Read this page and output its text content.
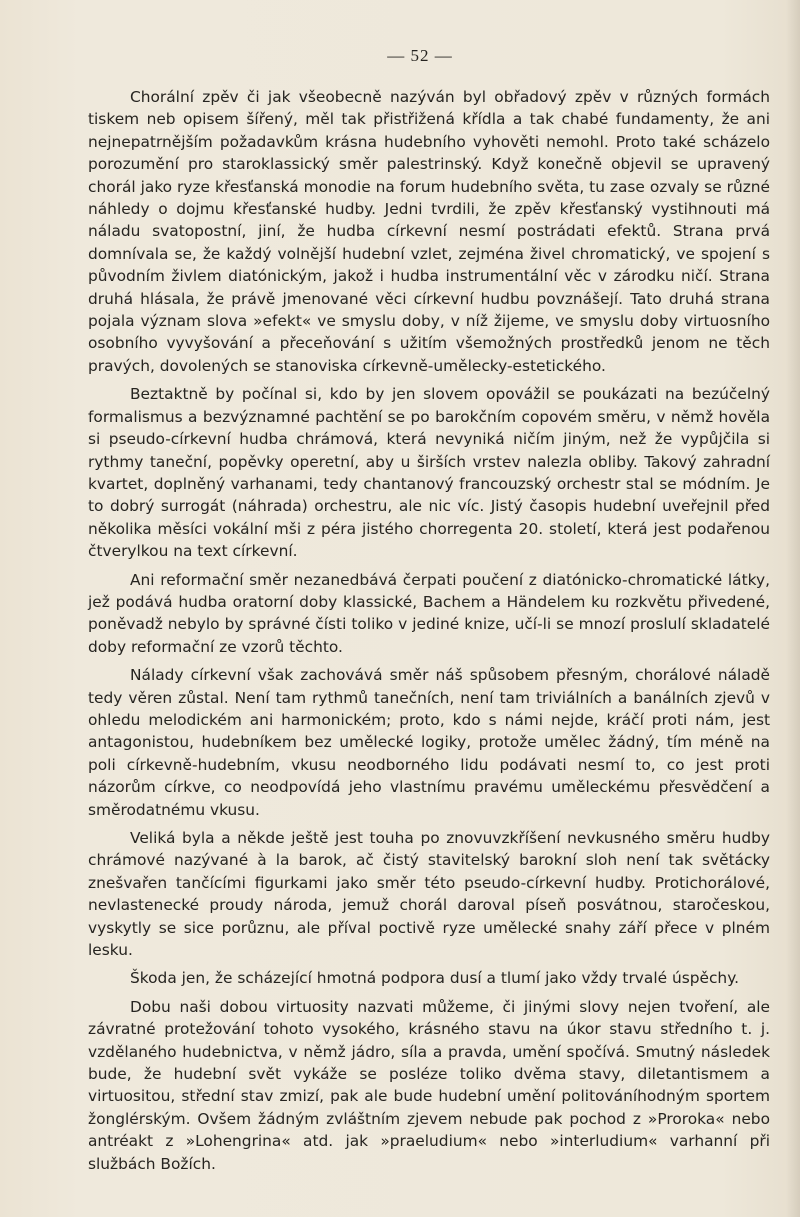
— 52 —

Chorální zpěv či jak všeobecně nazýván byl obřadový zpěv v různých formách tiskem neb opisem šířený, měl tak přistřižená křídla a tak chabé fundamenty, že ani nejnepatrnějším požadavkům krásna hudebního vyhověti nemohl. Proto také scházelo porozumění pro staroklassický směr palestrinský. Když konečně objevil se upravený chorál jako ryze křesťanská monodie na forum hudebního světa, tu zase ozvaly se různé náhledy o dojmu křesťanské hudby. Jedni tvrdili, že zpěv křesťanský vystihnouti má náladu svatopostní, jiní, že hudba církevní nesmí postrádati efektů. Strana prvá domnívala se, že každý volnější hudební vzlet, zejména živel chromatický, ve spojení s původním živlem diatónickým, jakož i hudba instrumentální věc v zárodku ničí. Strana druhá hlásala, že právě jmenované věci církevní hudbu povznášejí. Tato druhá strana pojala význam slova »efekt« ve smyslu doby, v níž žijeme, ve smyslu doby virtuosního osobního vyvyšování a přeceňování s užitím všemožných prostředků jenom ne těch pravých, dovolených se stanoviska církevně-umělecky-estetického.

Beztaktně by počínal si, kdo by jen slovem opovážil se poukázati na bezúčelný formalismus a bezvýznamné pachtění se po barokčním copovém směru, v němž hověla si pseudo-církevní hudba chrámová, která nevyniká ničím jiným, než že vypůjčila si rythmy taneční, popěvky operetní, aby u širších vrstev nalezla obliby. Takový zahradní kvartet, doplněný varhanami, tedy chantanový francouzský orchestr stal se módním. Je to dobrý surrogát (náhrada) orchestru, ale nic víc. Jistý časopis hudební uveřejnil před několika měsíci vokální mši z péra jistého chorregenta 20. století, která jest podařenou čtverylkou na text církevní.

Ani reformační směr nezanedbává čerpati poučení z diatónicko-chromatické látky, jež podává hudba oratorní doby klassické, Bachem a Händelem ku rozkvětu přivedené, poněvadž nebylo by správné čísti toliko v jediné knize, učí-li se mnozí proslulí skladatelé doby reformační ze vzorů těchto.

Nálady církevní však zachovává směr náš spůsobem přesným, chorálové náladě tedy věren zůstal. Není tam rythmů tanečních, není tam triviálních a banálních zjevů v ohledu melodickém ani harmonickém; proto, kdo s námi nejde, kráčí proti nám, jest antagonistou, hudebníkem bez umělecké logiky, protože umělec žádný, tím méně na poli církevně-hudebním, vkusu neodborného lidu podávati nesmí to, co jest proti názorům církve, co neodpovídá jeho vlastnímu pravému uměleckému přesvědčení a směrodatnému vkusu.

Veliká byla a někde ještě jest touha po znovuvzkříšení nevkusného směru hudby chrámové nazývané à la barok, ač čistý stavitelský barokní sloh není tak světácky znešvařen tančícími figurkami jako směr této pseudo-církevní hudby. Protichorálové, nevlastenecké proudy národa, jemuž chorál daroval píseň posvátnou, staročeskou, vyskytly se sice porůznu, ale příval poctivě ryze umělecké snahy září přece v plném lesku.

Škoda jen, že scházející hmotná podpora dusí a tlumí jako vždy trvalé úspěchy.

Dobu naši dobou virtuosity nazvati můžeme, či jinými slovy nejen tvoření, ale závratné protežování tohoto vysokého, krásného stavu na úkor stavu středního t. j. vzdělaného hudebnictva, v němž jádro, síla a pravda, umění spočívá. Smutný následek bude, že hudební svět vykáže se posléze toliko dvěma stavy, diletantismem a virtuositou, střední stav zmizí, pak ale bude hudební umění politováníhodným sportem žonglérským. Ovšem žádným zvláštním zjevem nebude pak pochod z »Proroka« nebo antréakt z »Lohengrina« atd. jak »praeludium« nebo »interludium« varhanní při službách Božích.
